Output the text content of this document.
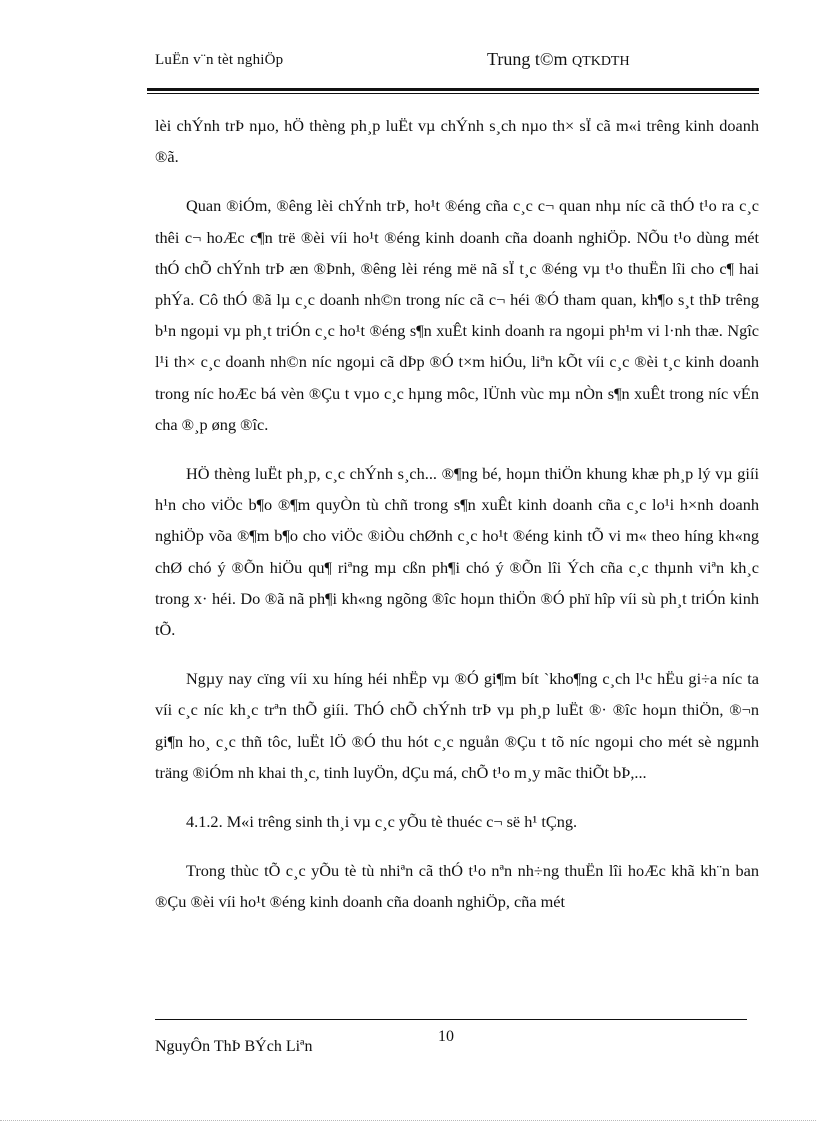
LuËn v¨n tèt nghiÖp	Trung t©m QTKDTH

lèi chÝnh trÞ nµo, hÖ thèng ph¸p luËt vµ chÝnh s¸ch nµo th× sÏ cã m«i trêng kinh doanh ®ã.

Quan ®iÓm, ®êng lèi chÝnh trÞ, ho¹t ®éng cña c¸c c¬ quan nhµ níc cã thÓ t¹o ra c¸c thêi c¬ hoÆc c¶n trë ®èi víi ho¹t ®éng kinh doanh cña doanh nghiÖp. NÕu t¹o dùng mét thÓ chÕ chÝnh trÞ æn ®Þnh, ®êng lèi réng më nã sÏ t¸c ®éng vµ t¹o thuËn lîi cho c¶ hai phÝa. Cô thÓ ®ã lµ c¸c doanh nh©n trong níc cã c¬ héi ®Ó tham quan, kh¶o s¸t thÞ trêng b¹n ngoµi vµ ph¸t triÓn c¸c ho¹t ®éng s¶n xuÊt kinh doanh ra ngoµi ph¹m vi l·nh thæ. Ngîc l¹i th× c¸c doanh nh©n níc ngoµi cã dÞp ®Ó t×m hiÓu, liªn kÕt víi c¸c ®èi t¸c kinh doanh trong níc hoÆc bá vèn ®Çu t vµo c¸c hµng môc, lÜnh vùc mµ nÒn s¶n xuÊt trong níc vÉn cha ®¸p øng ®îc.

HÖ thèng luËt ph¸p, c¸c chÝnh s¸ch... ®¶ng bé, hoµn thiÖn khung khæ ph¸p lý vµ giíi h¹n cho viÖc b¶o ®¶m quyÒn tù chñ trong s¶n xuÊt kinh doanh cña c¸c lo¹i h×nh doanh nghiÖp võa ®¶m b¶o cho viÖc ®iÒu chØnh c¸c ho¹t ®éng kinh tÕ vi m« theo híng kh«ng chØ chó ý ®Õn hiÖu qu¶ riªng mµ cßn ph¶i chó ý ®Õn lîi Ých cña c¸c thµnh viªn kh¸c trong x· héi. Do ®ã nã ph¶i kh«ng ngõng ®îc hoµn thiÖn ®Ó phï hîp víi sù ph¸t triÓn kinh tÕ.

Ngµy nay cïng víi xu híng héi nhËp vµ ®Ó gi¶m bít `kho¶ng c¸ch l¹c hËu gi÷a níc ta víi c¸c níc kh¸c trªn thÕ giíi. ThÓ chÕ chÝnh trÞ vµ ph¸p luËt ®· ®îc hoµn thiÖn, ®¬n gi¶n ho¸ c¸c thñ tôc, luËt lÖ ®Ó thu hót c¸c nguån ®Çu t tõ níc ngoµi cho mét sè ngµnh träng ®iÓm nh khai th¸c, tinh luyÖn, dÇu má, chÕ t¹o m¸y mãc thiÕt bÞ,...

4.1.2. M«i trêng sinh th¸i vµ c¸c yÕu tè thuéc c¬ së h¹ tÇng.

Trong thùc tÕ c¸c yÕu tè tù nhiªn cã thÓ t¹o nªn nh÷ng thuËn lîi hoÆc khã kh¨n ban ®Çu ®èi víi ho¹t ®éng kinh doanh cña doanh nghiÖp, cña mét

10
NguyÔn ThÞ BÝch Liªn
